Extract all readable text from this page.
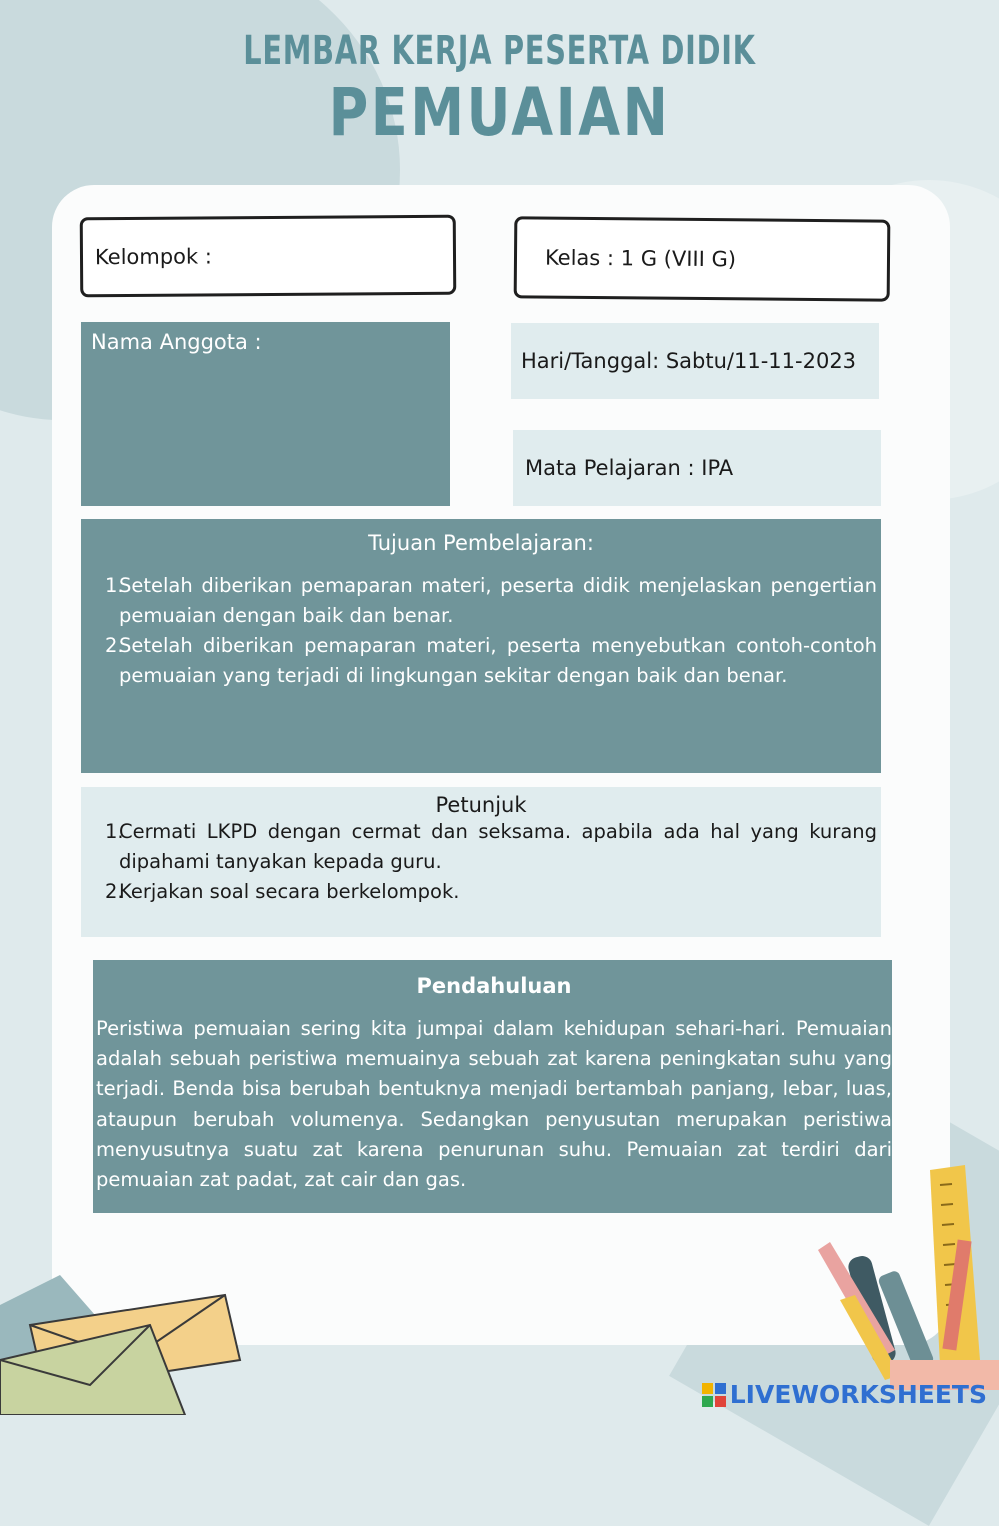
LEMBAR KERJA PESERTA DIDIK
PEMUAIAN
Kelompok :	Kelas : 1 G (VIII G)
Nama Anggota :
Hari/Tanggal: Sabtu/11-11-2023
Mata Pelajaran : IPA
Tujuan Pembelajaran:
1.
Setelah diberikan pemaparan materi, peserta didik menjelaskan pengertian pemuaian dengan baik dan benar.
2.
Setelah diberikan pemaparan materi, peserta menyebutkan contoh-contoh pemuaian yang terjadi di lingkungan sekitar dengan baik dan benar.
Petunjuk
1.
Cermati LKPD dengan cermat dan seksama. apabila ada hal yang kurang dipahami tanyakan kepada guru.
2.
Kerjakan soal secara berkelompok.
Pendahuluan
Peristiwa pemuaian sering kita jumpai dalam kehidupan sehari-hari. Pemuaian adalah sebuah peristiwa memuainya sebuah zat karena peningkatan suhu yang terjadi. Benda bisa berubah bentuknya menjadi bertambah panjang, lebar, luas, ataupun berubah volumenya. Sedangkan penyusutan merupakan peristiwa menyusutnya suatu zat karena penurunan suhu. Pemuaian zat terdiri dari pemuaian zat padat, zat cair dan gas.
LIVEWORKSHEETS
